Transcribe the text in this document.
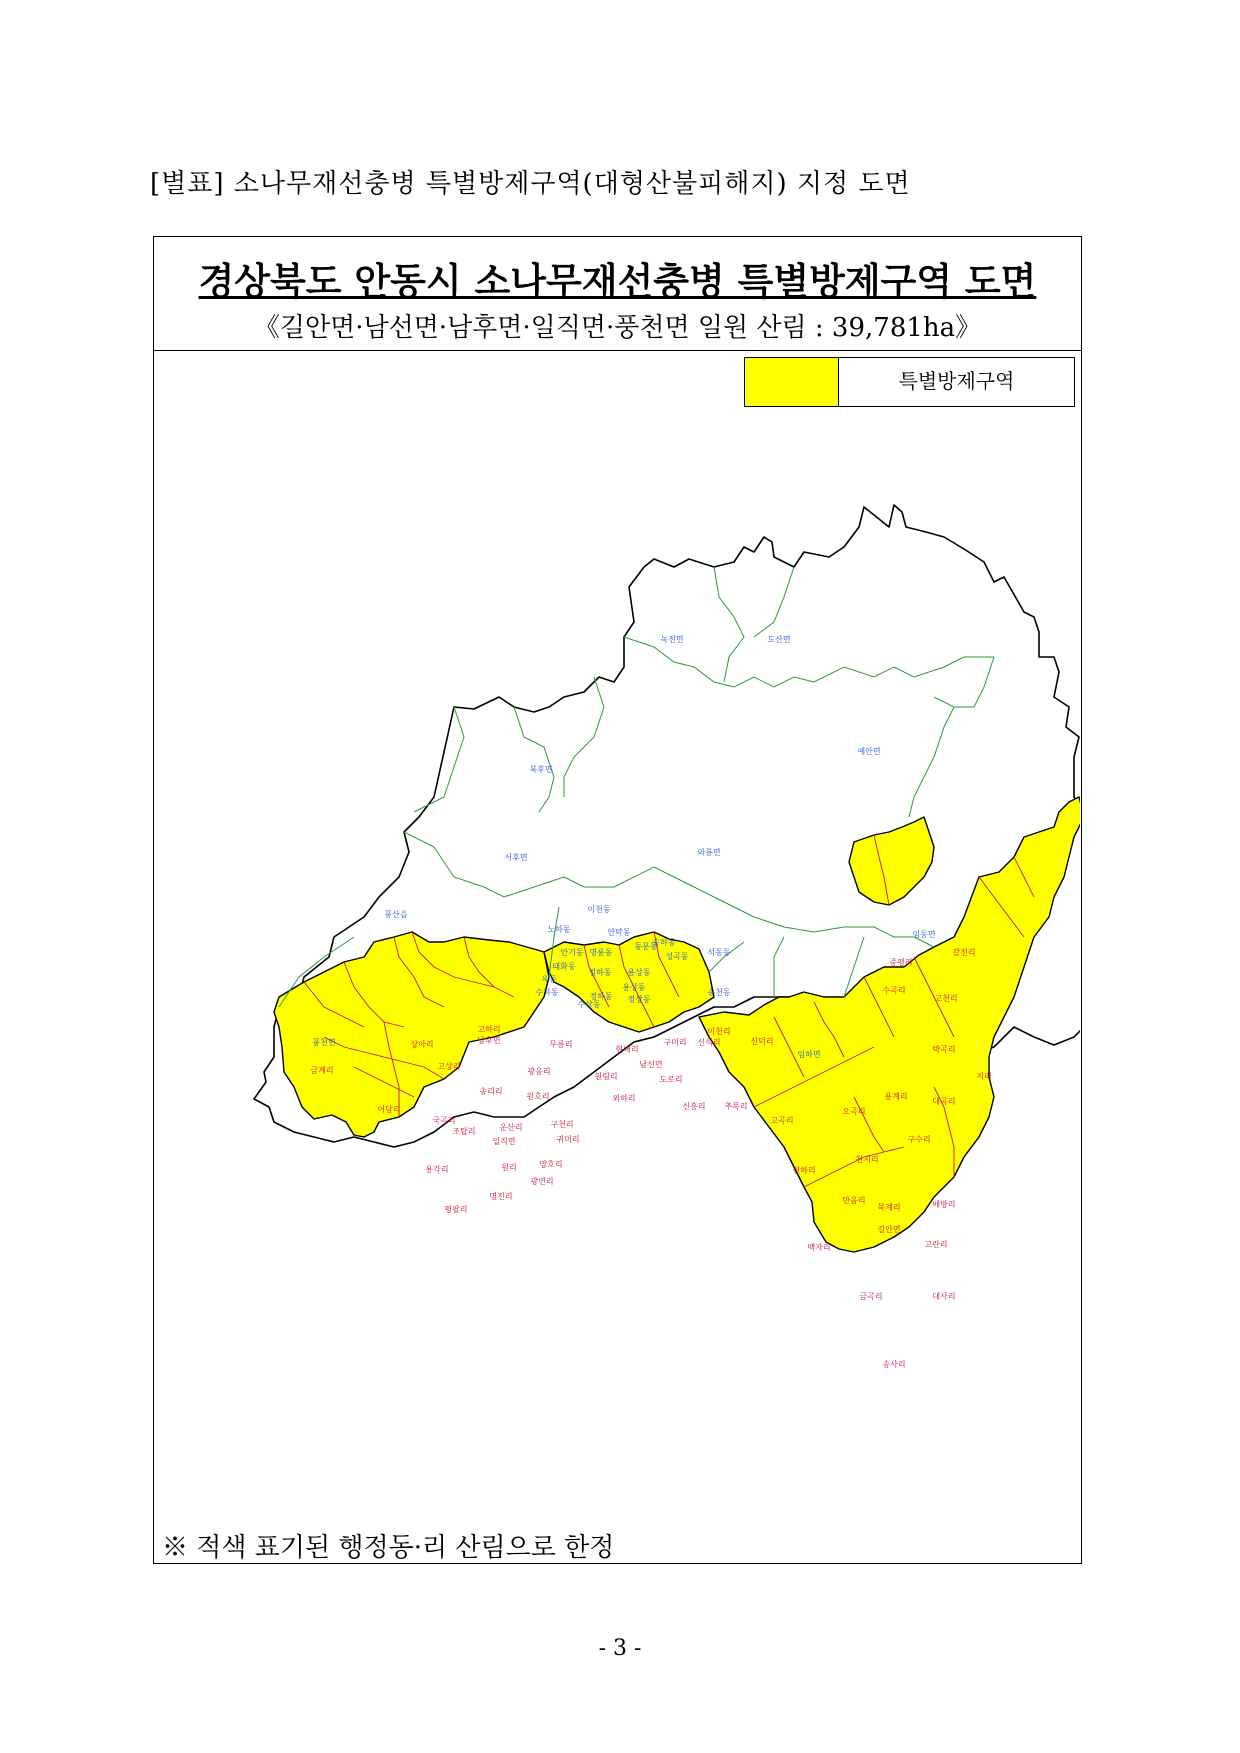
[별표] 소나무재선충병 특별방제구역(대형산불피해지) 지정 도면
경상북도 안동시 소나무재선충병 특별방제구역 도면
《길안면·남선면·남후면·일직면·풍천면 일원 산림 : 39,781ha》
특별방제구역
녹전면	도산면
예안면
북후면
와룡면
서후면
풍산읍
이천동
노하동	안막동
송하동
동문동
안기동 명륜동	성곡동 석동동
태화동
정하동
옥동
용상동
수하동
용상동
정하동 정상동
수상동
송천동
임하면
임동면
풍천면
갈전리
중평리
수곡리
고천리
박곡리
지리
대곡리
용계리
오곡리
구수리
천지리
현하리
만음리
묵계리	배방리
길안면
백자리	고란리
금곡리	대사리
송사리
고곡리
추목리
신흥리
도로리
신석리
이천리
신덕리
구미리
현내리
원림리
외하리
남선면
무릉리
광음리
원호리
송리리
고상리
고하리
남후면
상아리
금계리
어담리
국곡리
조탑리	운산리	구천리
귀미리
일직면
용각리	원리	망호리
광연리
명진리
평팔리
※ 적색 표기된 행정동·리 산림으로 한정
- 3 -
